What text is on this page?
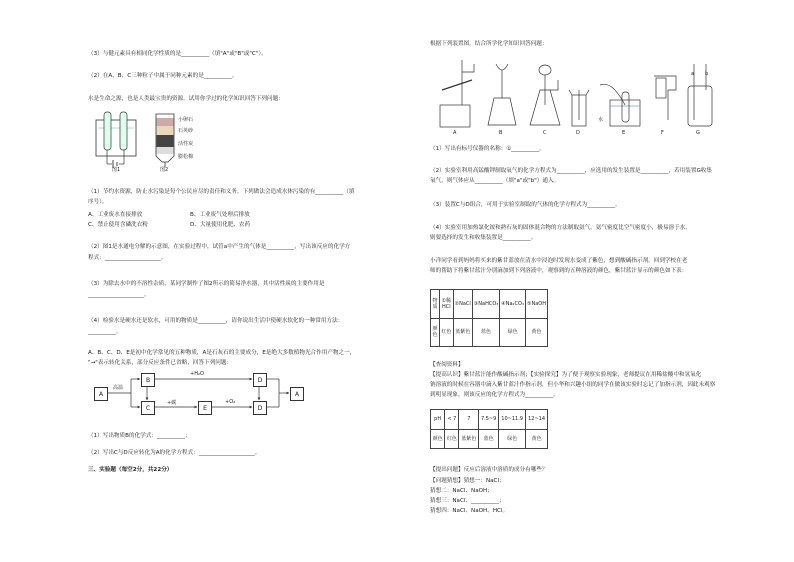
（3）与健元素具有相同化学性质的是__________（填"A"或"B"或"C"）。
（2）在A、B、C三种粒子中属于同种元素的是__________。
水是生命之源，也是人类最宝贵的资源。试用你学过的化学知识回答下列问题：
图1
小卵石
石英砂
活性炭
膨松棉
图2
（1）节约水资源，防止水污染是每个公民应尽的责任和义务。下列做法会造成水体污染的有__________（填
序号）。
A、工业废水直接排放	B、工业废气处理后排放
C、禁止使用含磷洗衣粉	D、大量使用化肥、农药
（2）图1是水通电分解的示意图，在实验过程中，试管a中产生的气体是__________，写出该反应的化学方
程式：____________________。
（3）为除去水中的不溶性杂质，某同学制作了图2所示的简易净水器，其中活性炭的主要作用是
____________________。
（4）检验水是硬水还是软水，可用的物质是__________，请你说出生活中使硬水软化的一种常用方法：
__________。
A、B、C、D、E是初中化学常见的五种物质，A是石灰石的主要成分，E是绝大多数植物光合作用产物之一，
"→"表示转化关系，部分反应条件已省略，回答下列问题：
A
B
C
D
E	D
A
高温
+H₂O
+碳	+O₂
（1）写出物质B的化学式：__________；
（2）写出C与D反应转化为A的化学方程式：____________________。
三、实验题（每空2分，共22分）
根据下列装置图，结合所学化学知识回答问题：
A	B	C	D	E	F	G
a b
水
（1）写出有标号仪器的名称：①__________。
（2）实验室利用高锰酸钾制取氧气的化学方程式为__________，应选用的发生装置是__________，若用装置G收集
氧气，则气体应从__________（填"a"或"b"）通入。
（3）装置C与D组合，可用于实验室制取的气体的化学方程式为__________。
（4）实验室用加热氯化铵和熟石灰的固体混合物的方法制取氨气。氨气密度比空气密度小，极易溶于水，
则要选择的发生和收集装置是__________。
小洋同学看到妈妈将买来的紫甘蓝放在清水中浸泡时发现水变成了紫色，想到酸碱指示剂。回到学校在老
师的帮助下将紫甘蓝汁分别滴加到下列溶液中，观察到的五种溶液的颜色，紫甘蓝汁显示的颜色如下表：
物质	①稀HCl	②NaCl	③NaHCO₃	④Na₂CO₃	⑤NaOH
颜色	红色	蓝紫色	蓝色	绿色	黄色
【查阅资料】
【提高认识】紫甘蓝汁能作酸碱指示剂；【实验探究】为了便于观察实验现象，老师提议在用稀盐酸中和氢氧化
钠溶液的时候在容器中滴入紫甘蓝汁作指示剂，但小华和兴趣小组的同学在做该实验时忘记了加指示剂，因此未观察
到明显现象，则该反应的化学方程式为__________。
pH	< 7	7	7.5~9	10~11.9	12~14
颜色	红色	蓝紫色	蓝色	绿色	黄色
【提出问题】反应后溶液中溶质的成分有哪些？
【问题猜想】猜想一：NaCl；
猜想二：NaCl、NaOH；
猜想三：NaCl、__________；
猜想四：NaCl、NaOH、HCl。
